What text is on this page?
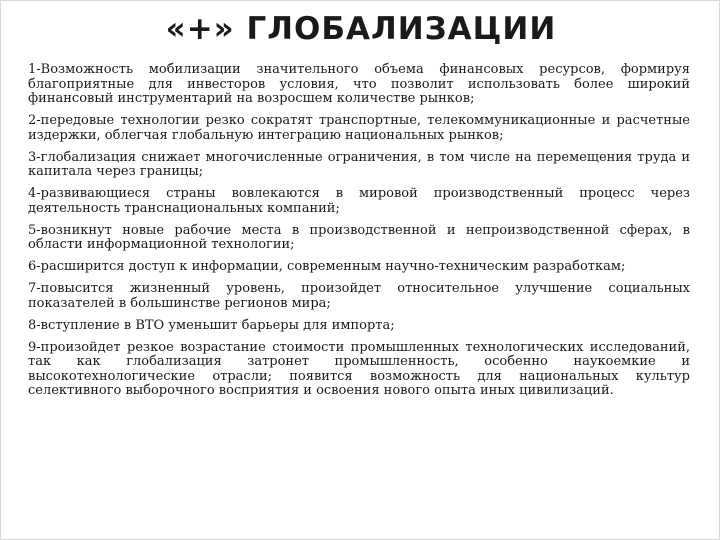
«+» ГЛОБАЛИЗАЦИИ
1-Возможность мобилизации значительного объема финансовых ресурсов, формируя благоприятные для инвесторов условия, что позволит использовать более широкий финансовый инструментарий на возросшем количестве рынков;
2-передовые технологии резко сократят транспортные, телекоммуникационные и расчетные издержки, облегчая глобальную интеграцию национальных рынков;
3-глобализация снижает многочисленные ограничения, в том числе на перемещения труда и капитала через границы;
4-развивающиеся страны вовлекаются в мировой производственный процесс через деятельность транснациональных компаний;
5-возникнут новые рабочие места в производственной и непроизводственной сферах, в области информационной технологии;
6-расширится доступ к информации, современным научно-техническим разработкам;
7-повысится жизненный уровень, произойдет относительное улучшение социальных показателей в большинстве регионов мира;
8-вступление в ВТО уменьшит барьеры для импорта;
9-произойдет резкое возрастание стоимости промышленных технологических исследований, так как глобализация затронет промышленность, особенно наукоемкие и высокотехнологические отрасли; появится возможность для национальных культур селективного выборочного восприятия и освоения нового опыта иных цивилизаций.
